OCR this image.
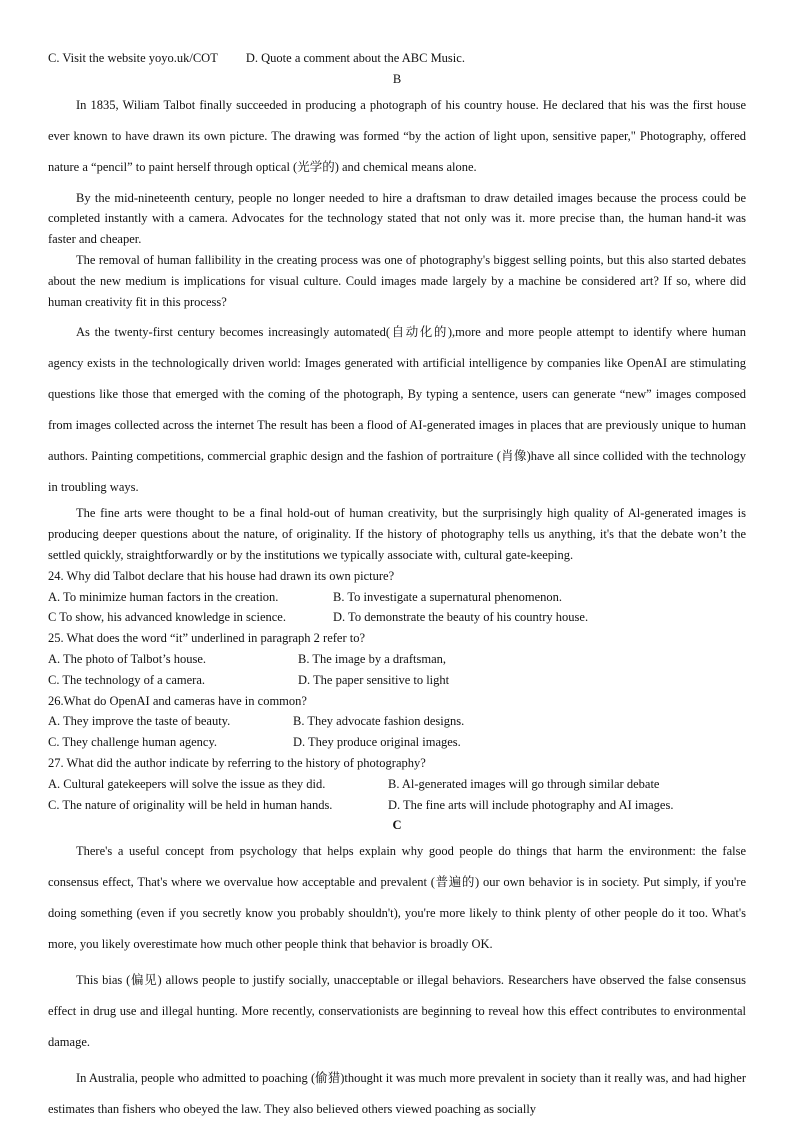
C. Visit the website yoyo.uk/COT D. Quote a comment about the ABC Music.
B

In 1835, Wiliam Talbot finally succeeded in producing a photograph of his country house. He declared that his was the first house ever known to have drawn its own picture. The drawing was formed “by the action of light upon, sensitive paper," Photography, offered nature a “pencil” to paint herself through optical (光学的) and chemical means alone.

By the mid-nineteenth century, people no longer needed to hire a draftsman to draw detailed images because the process could be completed instantly with a camera. Advocates for the technology stated that not only was it. more precise than, the human hand-it was faster and cheaper.

The removal of human fallibility in the creating process was one of photography's biggest selling points, but this also started debates about the new medium is implications for visual culture. Could images made largely by a machine be considered art? If so, where did human creativity fit in this process?

As the twenty-first century becomes increasingly automated(自动化的),more and more people attempt to identify where human agency exists in the technologically driven world: Images generated with artificial intelligence by companies like OpenAI are stimulating questions like those that emerged with the coming of the photograph, By typing a sentence, users can generate “new” images composed from images collected across the internet The result has been a flood of AI-generated images in places that are previously unique to human authors. Painting competitions, commercial graphic design and the fashion of portraiture (肖像)have all since collided with the technology in troubling ways.

The fine arts were thought to be a final hold-out of human creativity, but the surprisingly high quality of Al-generated images is producing deeper questions about the nature, of originality. If the history of photography tells us anything, it's that the debate won’t the settled quickly, straightforwardly or by the institutions we typically associate with, cultural gate-keeping.

24. Why did Talbot declare that his house had drawn its own picture?
A. To minimize human factors in the creation.	B. To investigate a supernatural phenomenon.
C To show, his advanced knowledge in science.	D. To demonstrate the beauty of his country house.
25. What does the word “it” underlined in paragraph 2 refer to?
A. The photo of Talbot’s house.	B. The image by a draftsman,
C. The technology of a camera.	D. The paper sensitive to light
26.What do OpenAI and cameras have in common?
A. They improve the taste of beauty.	B. They advocate fashion designs.
C. They challenge human agency.	D. They produce original images.
27. What did the author indicate by referring to the history of photography?
A. Cultural gatekeepers will solve the issue as they did.	B. Al-generated images will go through similar debate
C. The nature of originality will be held in human hands.	D. The fine arts will include photography and AI images.
C

There's a useful concept from psychology that helps explain why good people do things that harm the environment: the false consensus effect, That's where we overvalue how acceptable and prevalent (普遍的) our own behavior is in society. Put simply, if you're doing something (even if you secretly know you probably shouldn't), you're more likely to think plenty of other people do it too. What's more, you likely overestimate how much other people think that behavior is broadly OK.

This bias (偏见) allows people to justify socially, unacceptable or illegal behaviors. Researchers have observed the false consensus effect in drug use and illegal hunting. More recently, conservationists are beginning to reveal how this effect contributes to environmental damage.

In Australia, people who admitted to poaching (偷猎)thought it was much more prevalent in society than it really was, and had higher estimates than fishers who obeyed the law. They also believed others viewed poaching as socially
